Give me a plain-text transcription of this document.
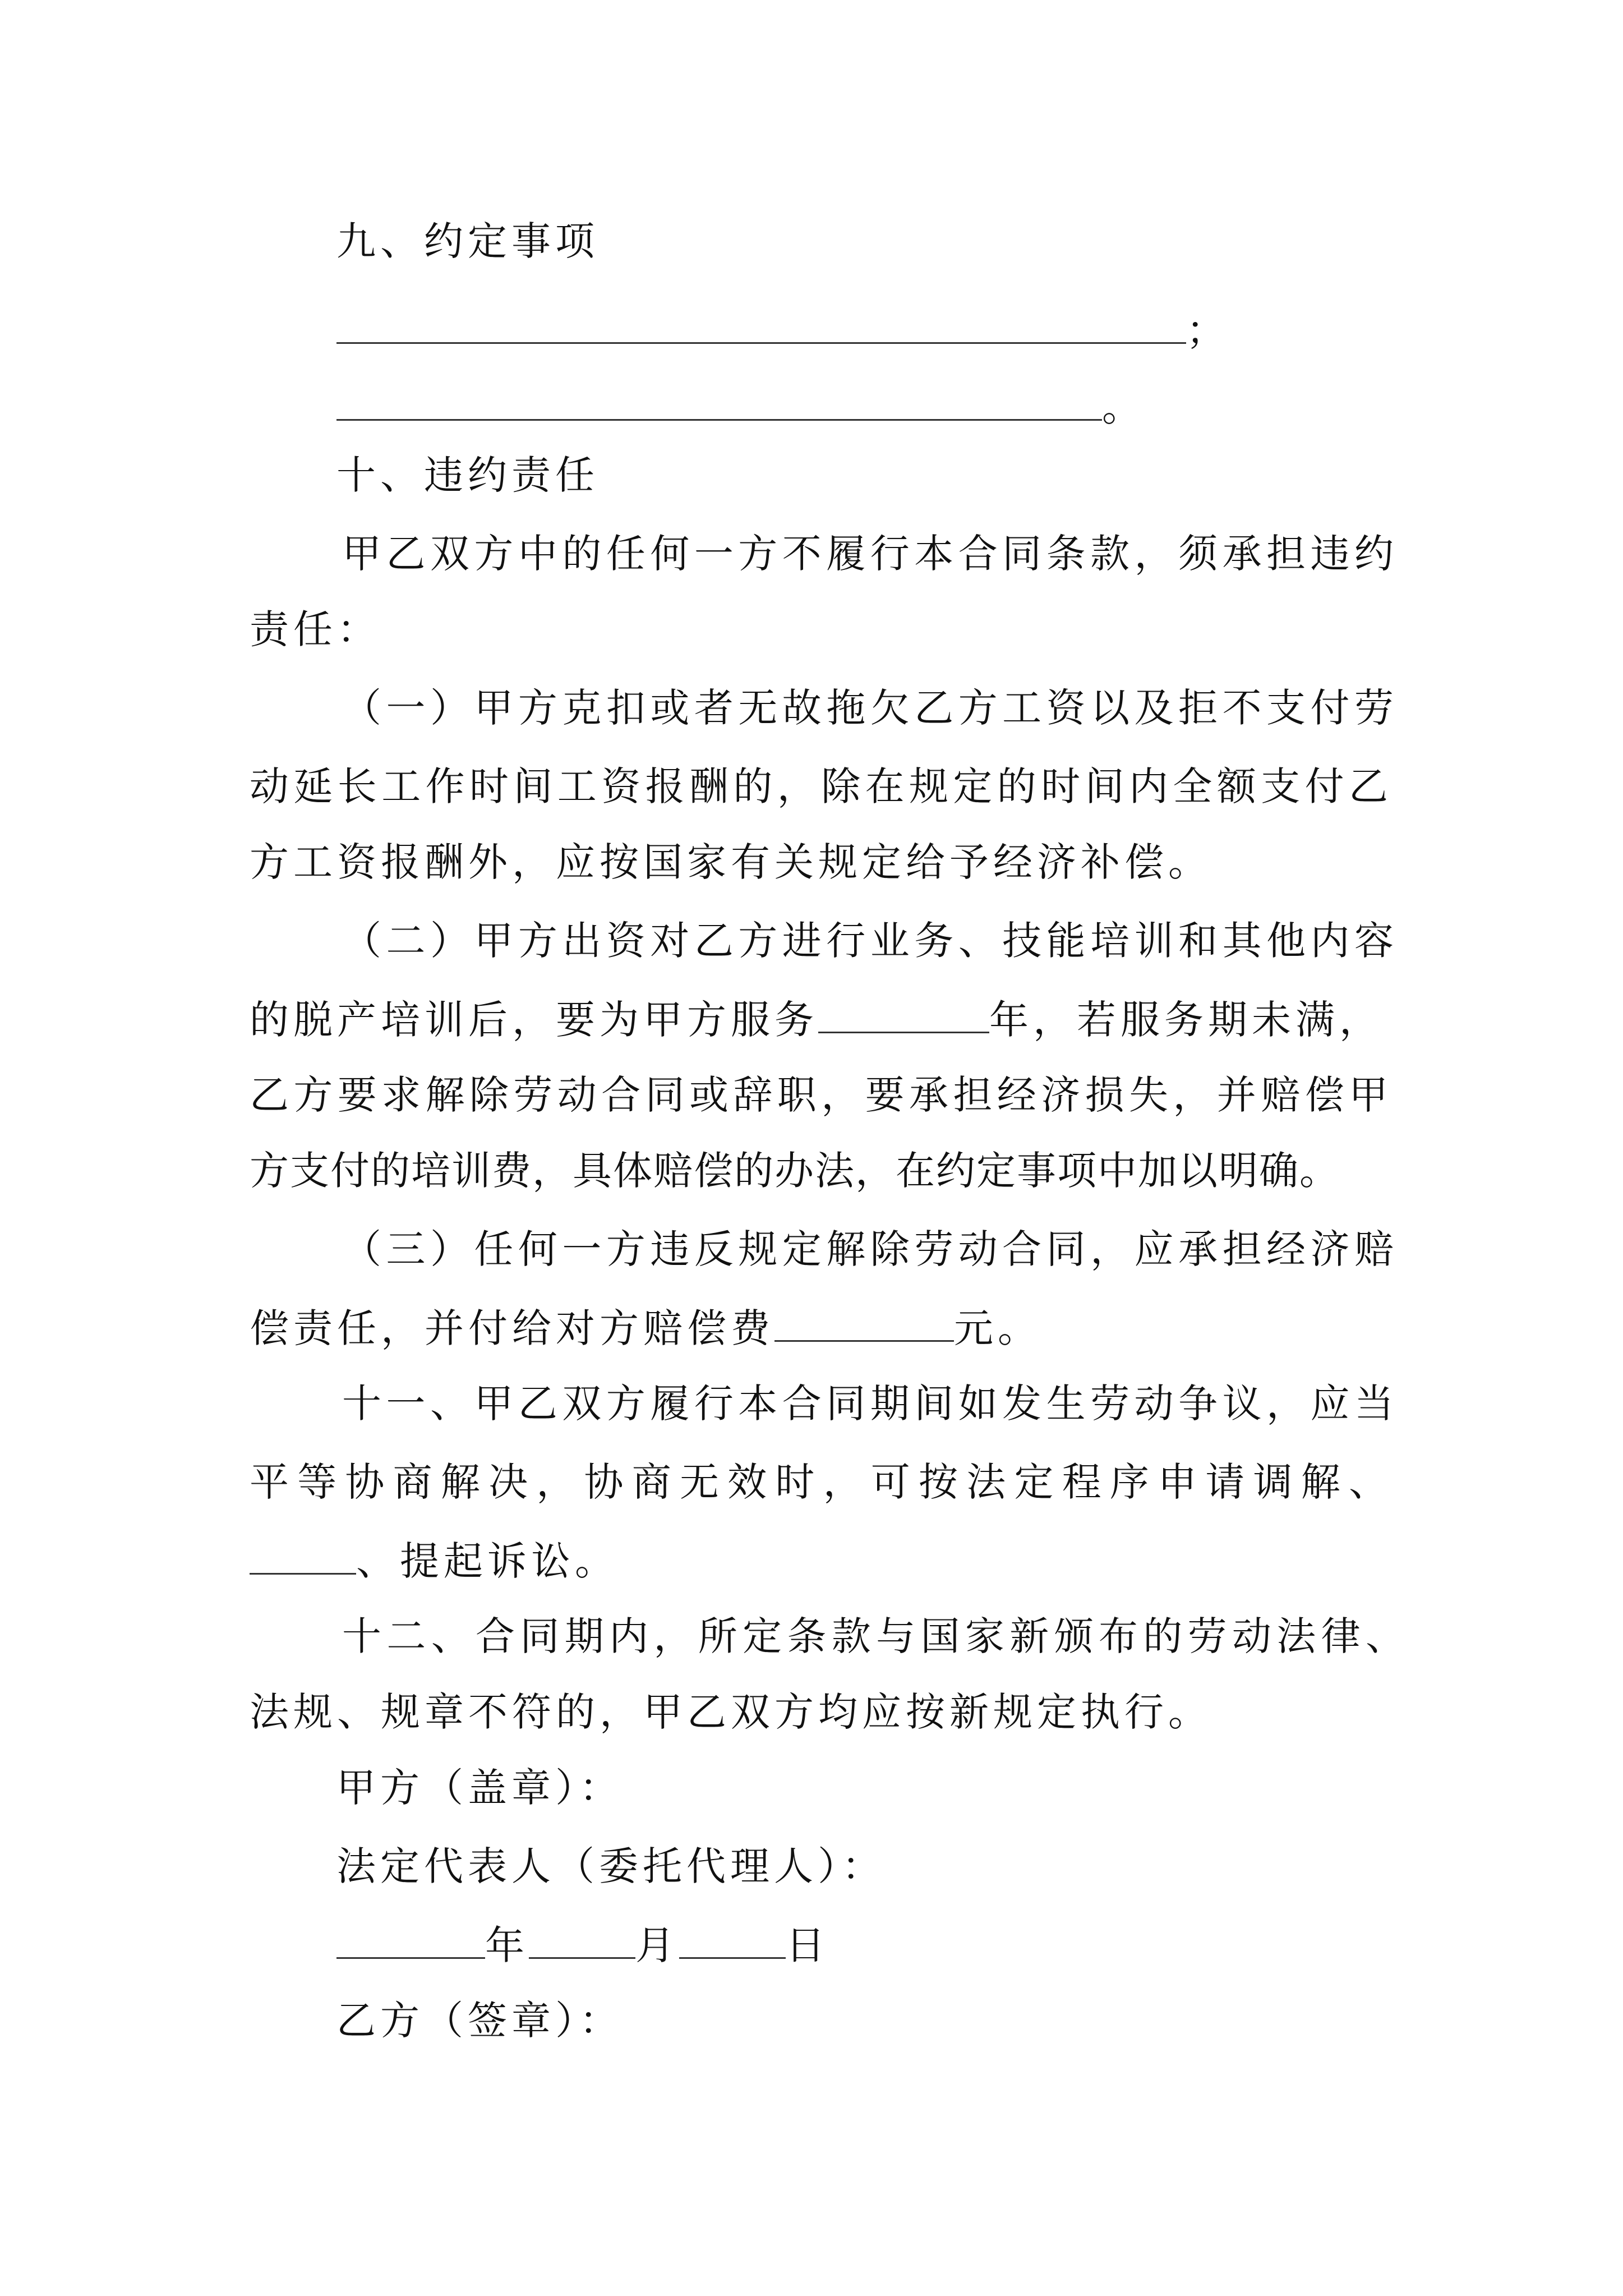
九、约定事项
；
。
十、违约责任
甲乙双方中的任何一方不履行本合同条款，须承担违约
责任：
（一）甲方克扣或者无故拖欠乙方工资以及拒不支付劳
动延长工作时间工资报酬的，除在规定的时间内全额支付乙
方工资报酬外，应按国家有关规定给予经济补偿。
（二）甲方出资对乙方进行业务、技能培训和其他内容
的脱产培训后，要为甲方服务	年，若服务期未满，
乙方要求解除劳动合同或辞职，要承担经济损失，并赔偿甲
方支付的培训费，具体赔偿的办法，在约定事项中加以明确。
（三）任何一方违反规定解除劳动合同，应承担经济赔
偿责任，并付给对方赔偿费	元。
十一、甲乙双方履行本合同期间如发生劳动争议，应当
平等协商解决，协商无效时，可按法定程序申请调解、
、提起诉讼。
十二、合同期内，所定条款与国家新颁布的劳动法律、
法规、规章不符的，甲乙双方均应按新规定执行。
甲方（盖章）：
法定代表人（委托代理人）：
年	月	日
乙方（签章）：
